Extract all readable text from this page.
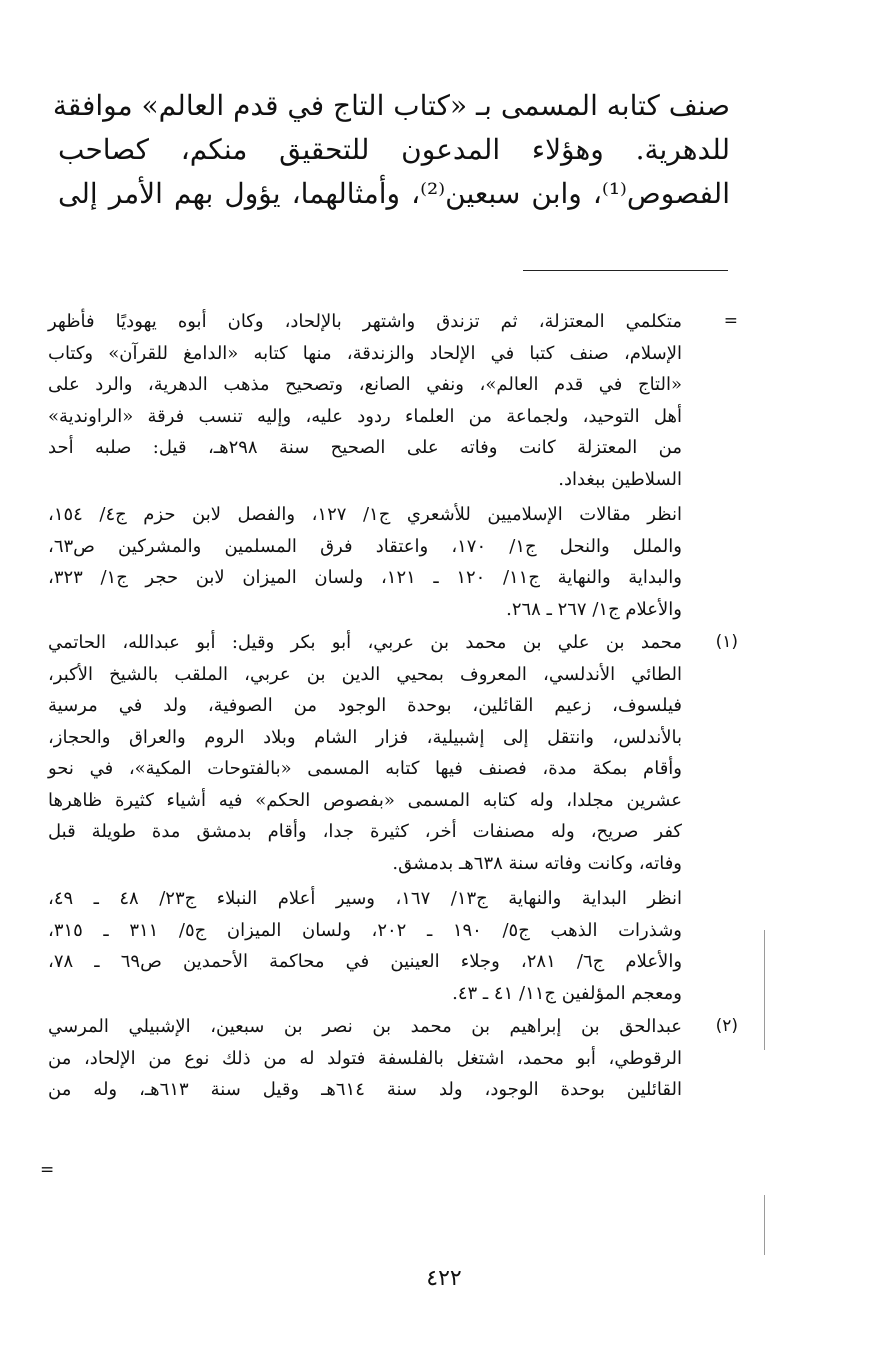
صنف كتابه المسمى بـ «كتاب التاج في قدم العالم» موافقة
للدهرية. وهؤلاء المدعون للتحقيق منكم، كصاحب
الفصوص⁽¹⁾، وابن سبعين⁽²⁾، وأمثالهما، يؤول بهم الأمر إلى
=
متكلمي المعتزلة، ثم تزندق واشتهر بالإلحاد، وكان أبوه يهوديًا فأظهر
الإسلام، صنف كتبا في الإلحاد والزندقة، منها كتابه «الدامغ للقرآن» وكتاب
«التاج في قدم العالم»، ونفي الصانع، وتصحيح مذهب الدهرية، والرد على
أهل التوحيد، ولجماعة من العلماء ردود عليه، وإليه تنسب فرقة «الراوندية»
من المعتزلة كانت وفاته على الصحيح سنة ٢٩٨هـ، قيل: صلبه أحد
السلاطين ببغداد.
انظر مقالات الإسلاميين للأشعري ج١/ ١٢٧، والفصل لابن حزم ج٤/ ١٥٤،
والملل والنحل ج١/ ١٧٠، واعتقاد فرق المسلمين والمشركين ص٦٣،
والبداية والنهاية ج١١/ ١٢٠ ـ ١٢١، ولسان الميزان لابن حجر ج١/ ٣٢٣،
والأعلام ج١/ ٢٦٧ ـ ٢٦٨.
(١)
محمد بن علي بن محمد بن عربي، أبو بكر وقيل: أبو عبدالله، الحاتمي
الطائي الأندلسي، المعروف بمحيي الدين بن عربي، الملقب بالشيخ الأكبر،
فيلسوف، زعيم القائلين، بوحدة الوجود من الصوفية، ولد في مرسية
بالأندلس، وانتقل إلى إشبيلية، فزار الشام وبلاد الروم والعراق والحجاز،
وأقام بمكة مدة، فصنف فيها كتابه المسمى «بالفتوحات المكية»، في نحو
عشرين مجلدا، وله كتابه المسمى «بفصوص الحكم» فيه أشياء كثيرة ظاهرها
كفر صريح، وله مصنفات أخر، كثيرة جدا، وأقام بدمشق مدة طويلة قبل
وفاته، وكانت وفاته سنة ٦٣٨هـ بدمشق.
انظر البداية والنهاية ج١٣/ ١٦٧، وسير أعلام النبلاء ج٢٣/ ٤٨ ـ ٤٩،
وشذرات الذهب ج٥/ ١٩٠ ـ ٢٠٢، ولسان الميزان ج٥/ ٣١١ ـ ٣١٥،
والأعلام ج٦/ ٢٨١، وجلاء العينين في محاكمة الأحمدين ص٦٩ ـ ٧٨،
ومعجم المؤلفين ج١١/ ٤١ ـ ٤٣.
(٢)
عبدالحق بن إبراهيم بن محمد بن نصر بن سبعين، الإشبيلي المرسي
الرقوطي، أبو محمد، اشتغل بالفلسفة فتولد له من ذلك نوع من الإلحاد، من
القائلين بوحدة الوجود، ولد سنة ٦١٤هـ وقيل سنة ٦١٣هـ، وله من
=
٤٢٢
